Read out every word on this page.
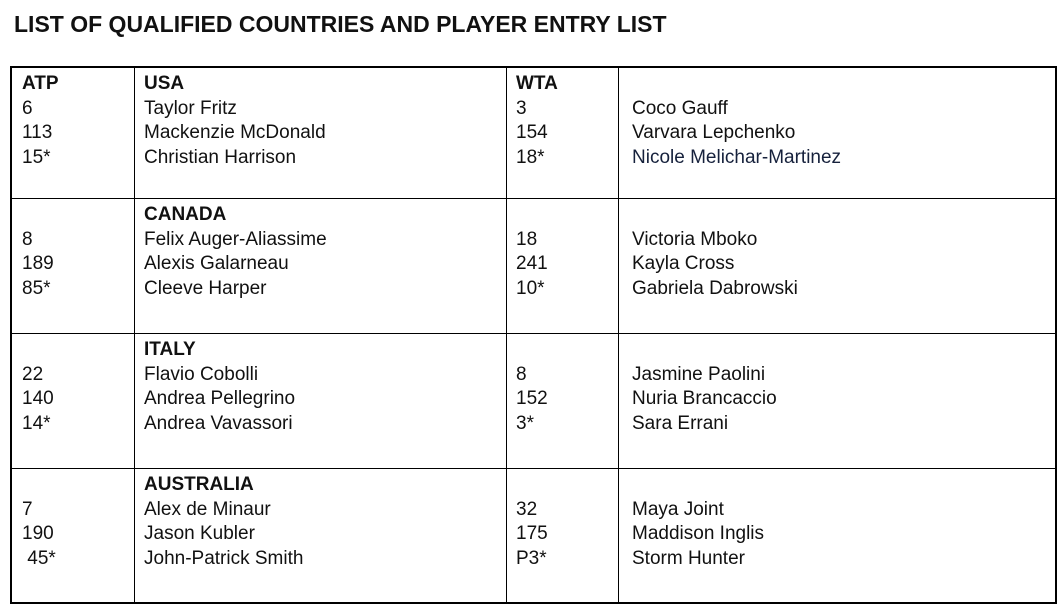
LIST OF QUALIFIED COUNTRIES AND PLAYER ENTRY LIST
ATP
6
113
15*
USA
Taylor Fritz
Mackenzie McDonald
Christian Harrison
WTA
3
154
18*
Coco Gauff
Varvara Lepchenko
Nicole Melichar-Martinez
8
189
85*
CANADA
Felix Auger-Aliassime
Alexis Galarneau
Cleeve Harper
18
241
10*
Victoria Mboko
Kayla Cross
Gabriela Dabrowski
22
140
14*
ITALY
Flavio Cobolli
Andrea Pellegrino
Andrea Vavassori
8
152
3*
Jasmine Paolini
Nuria Brancaccio
Sara Errani
7
190
45*
AUSTRALIA
Alex de Minaur
Jason Kubler
John-Patrick Smith
32
175
P3*
Maya Joint
Maddison Inglis
Storm Hunter
